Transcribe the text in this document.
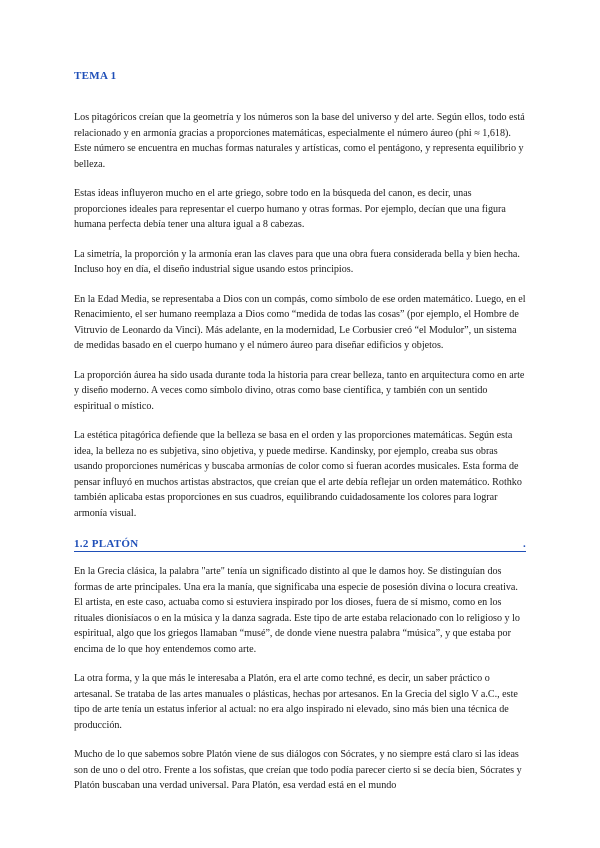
TEMA 1

Los pitagóricos creían que la geometría y los números son la base del universo y del arte. Según ellos, todo está relacionado y en armonía gracias a proporciones matemáticas, especialmente el número áureo (phi ≈ 1,618). Este número se encuentra en muchas formas naturales y artísticas, como el pentágono, y representa equilibrio y belleza.

Estas ideas influyeron mucho en el arte griego, sobre todo en la búsqueda del canon, es decir, unas proporciones ideales para representar el cuerpo humano y otras formas. Por ejemplo, decían que una figura humana perfecta debía tener una altura igual a 8 cabezas.

La simetría, la proporción y la armonía eran las claves para que una obra fuera considerada bella y bien hecha. Incluso hoy en día, el diseño industrial sigue usando estos principios.

En la Edad Media, se representaba a Dios con un compás, como símbolo de ese orden matemático. Luego, en el Renacimiento, el ser humano reemplaza a Dios como “medida de todas las cosas” (por ejemplo, el Hombre de Vitruvio de Leonardo da Vinci). Más adelante, en la modernidad, Le Corbusier creó “el Modulor”, un sistema de medidas basado en el cuerpo humano y el número áureo para diseñar edificios y objetos.

La proporción áurea ha sido usada durante toda la historia para crear belleza, tanto en arquitectura como en arte y diseño moderno. A veces como símbolo divino, otras como base científica, y también con un sentido espiritual o místico.

La estética pitagórica defiende que la belleza se basa en el orden y las proporciones matemáticas. Según esta idea, la belleza no es subjetiva, sino objetiva, y puede medirse. Kandinsky, por ejemplo, creaba sus obras usando proporciones numéricas y buscaba armonías de color como si fueran acordes musicales. Esta forma de pensar influyó en muchos artistas abstractos, que creían que el arte debía reflejar un orden matemático. Rothko también aplicaba estas proporciones en sus cuadros, equilibrando cuidadosamente los colores para lograr armonía visual.

1.2 PLATÓN	.

En la Grecia clásica, la palabra "arte" tenía un significado distinto al que le damos hoy. Se distinguían dos formas de arte principales. Una era la manía, que significaba una especie de posesión divina o locura creativa. El artista, en este caso, actuaba como si estuviera inspirado por los dioses, fuera de sí mismo, como en los rituales dionisíacos o en la música y la danza sagrada. Este tipo de arte estaba relacionado con lo religioso y lo espiritual, algo que los griegos llamaban “musé”, de donde viene nuestra palabra “música”, y que estaba por encima de lo que hoy entendemos como arte.

La otra forma, y la que más le interesaba a Platón, era el arte como techné, es decir, un saber práctico o artesanal. Se trataba de las artes manuales o plásticas, hechas por artesanos. En la Grecia del siglo V a.C., este tipo de arte tenía un estatus inferior al actual: no era algo inspirado ni elevado, sino más bien una técnica de producción.

Mucho de lo que sabemos sobre Platón viene de sus diálogos con Sócrates, y no siempre está claro si las ideas son de uno o del otro. Frente a los sofistas, que creían que todo podía parecer cierto si se decía bien, Sócrates y Platón buscaban una verdad universal. Para Platón, esa verdad está en el mundo
